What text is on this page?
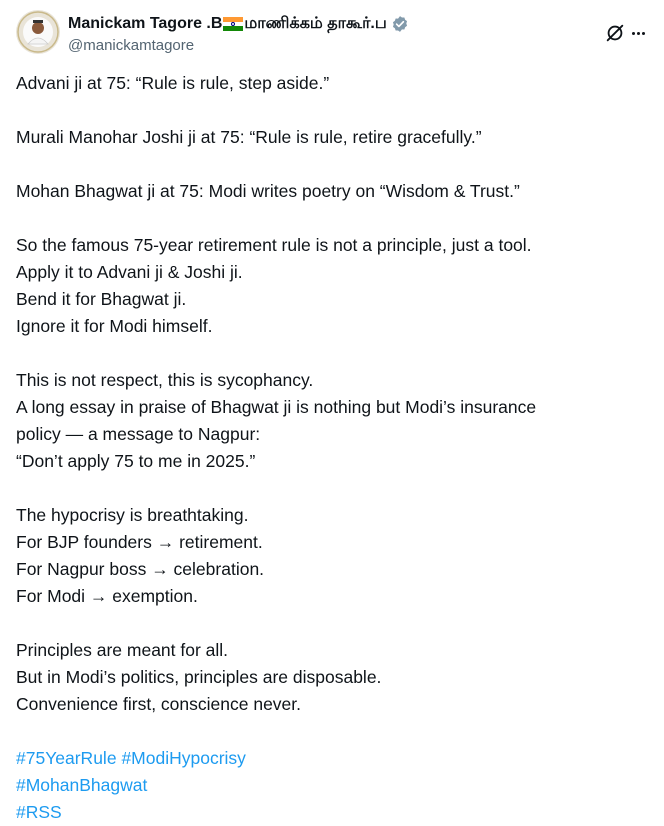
Manickam Tagore .B மாணிக்கம் தாகூர்.ப
@manickamtagore
Advani ji at 75: “Rule is rule, step aside.”
Murali Manohar Joshi ji at 75: “Rule is rule, retire gracefully.”
Mohan Bhagwat ji at 75: Modi writes poetry on “Wisdom & Trust.”
So the famous 75-year retirement rule is not a principle, just a tool.
Apply it to Advani ji & Joshi ji.
Bend it for Bhagwat ji.
Ignore it for Modi himself.
This is not respect, this is sycophancy.
A long essay in praise of Bhagwat ji is nothing but Modi’s insurance
policy — a message to Nagpur:
“Don’t apply 75 to me in 2025.”
The hypocrisy is breathtaking.
For BJP founders → retirement.
For Nagpur boss → celebration.
For Modi → exemption.
Principles are meant for all.
But in Modi’s politics, principles are disposable.
Convenience first, conscience never.
#75YearRule #ModiHypocrisy
#MohanBhagwat
#RSS
